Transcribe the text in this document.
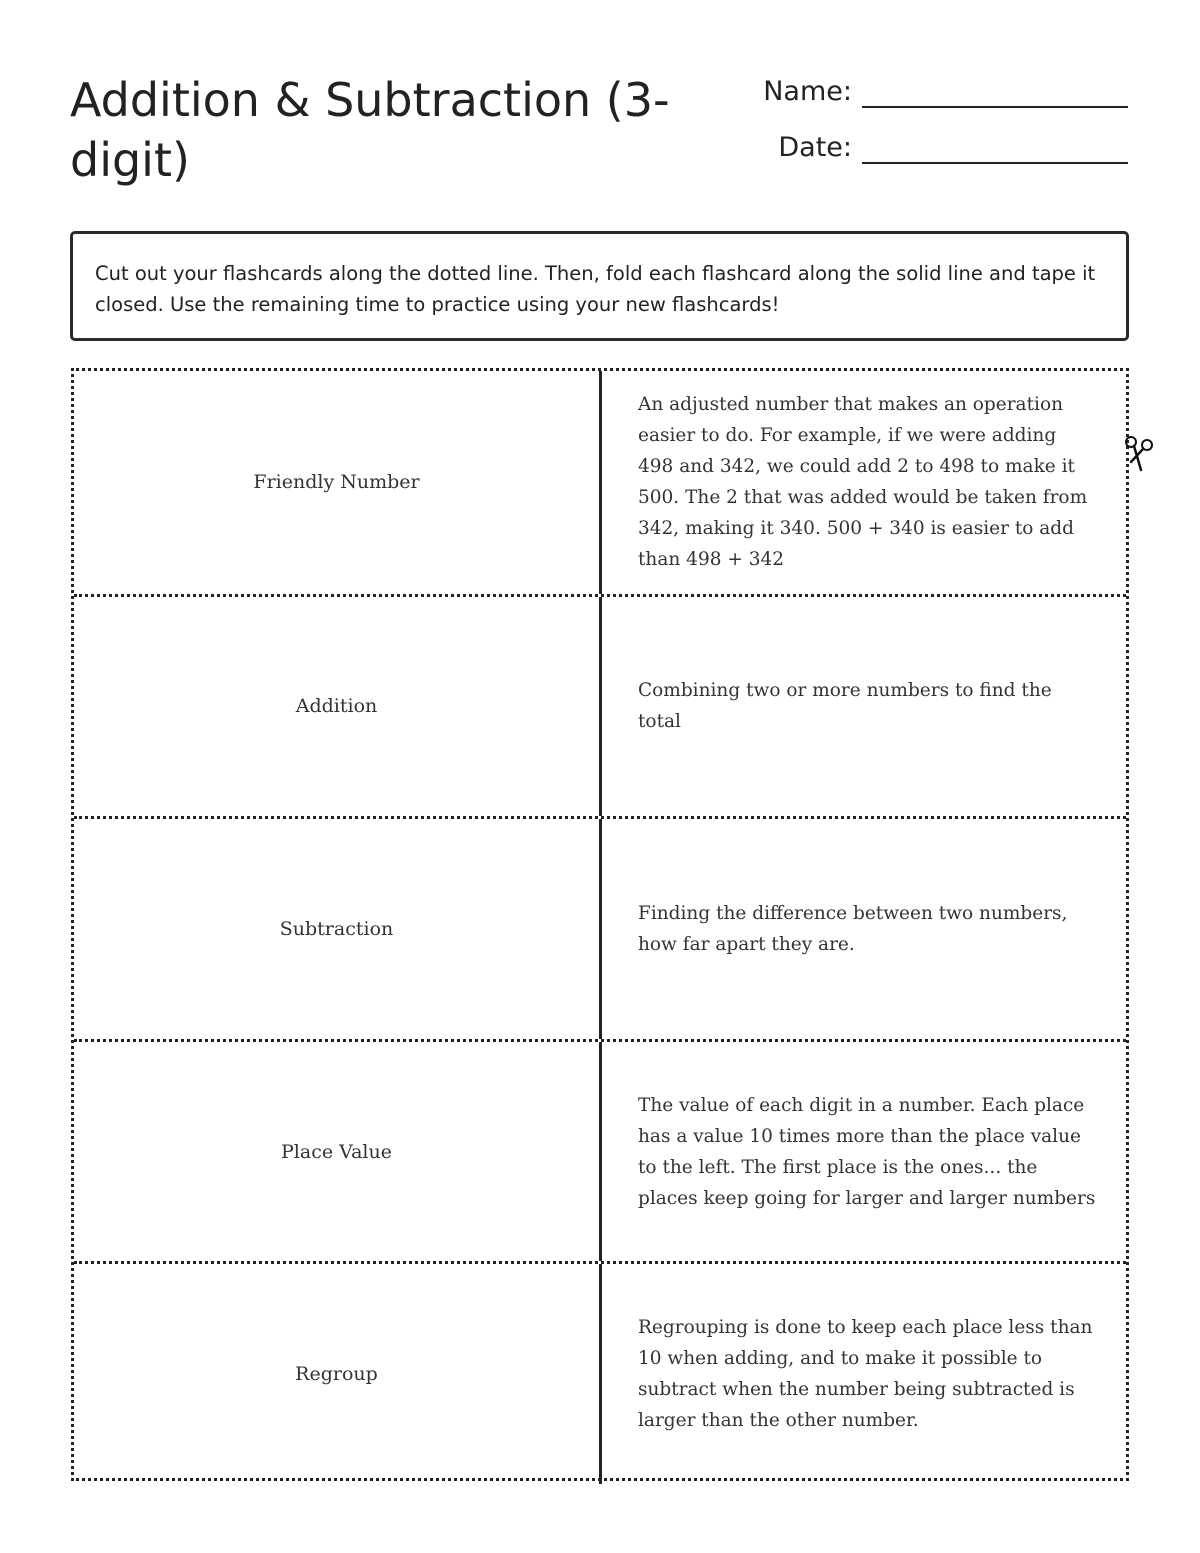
Addition & Subtraction (3-digit)
Name:
Date:
Cut out your flashcards along the dotted line. Then, fold each flashcard along the solid line and tape it closed. Use the remaining time to practice using your new flashcards!
Friendly Number
An adjusted number that makes an operation easier to do. For example, if we were adding 498 and 342, we could add 2 to 498 to make it 500. The 2 that was added would be taken from 342, making it 340. 500 + 340 is easier to add than 498 + 342
Addition
Combining two or more numbers to find the total
Subtraction
Finding the difference between two numbers, how far apart they are.
Place Value
The value of each digit in a number. Each place has a value 10 times more than the place value to the left. The first place is the ones... the places keep going for larger and larger numbers
Regroup
Regrouping is done to keep each place less than 10 when adding, and to make it possible to subtract when the number being subtracted is larger than the other number.
